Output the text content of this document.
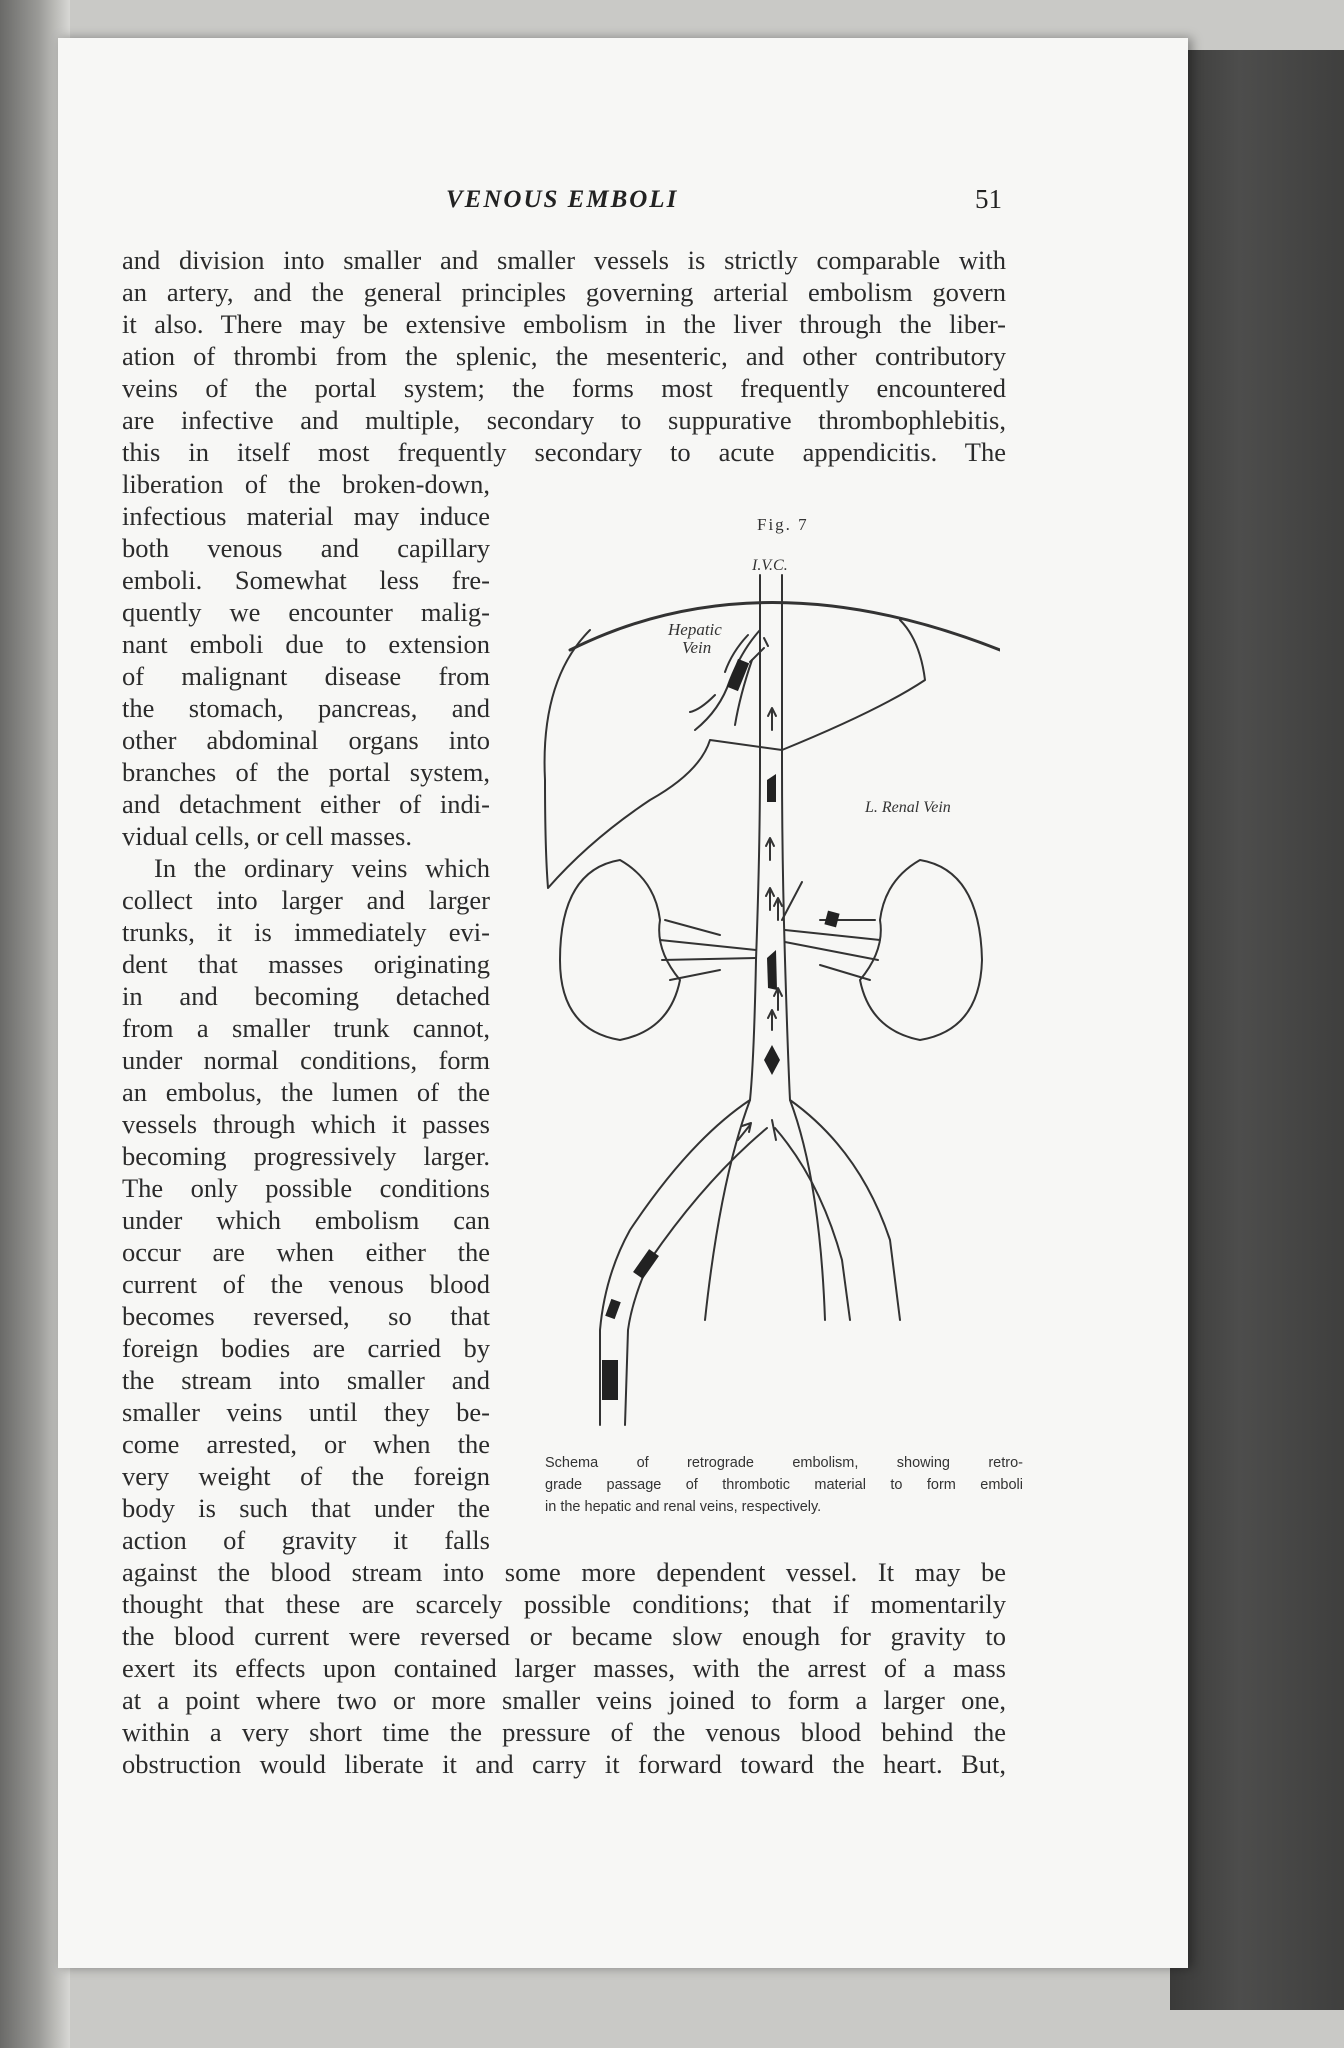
VENOUS EMBOLI	51
and division into smaller and smaller vessels is strictly comparable with
an artery, and the general principles governing arterial embolism govern
it also. There may be extensive embolism in the liver through the liber-
ation of thrombi from the splenic, the mesenteric, and other contributory
veins of the portal system; the forms most frequently encountered
are infective and multiple, secondary to suppurative thrombophlebitis,
this in itself most frequently secondary to acute appendicitis. The
liberation of the broken-down,
infectious material may induce
both venous and capillary
emboli. Somewhat less fre-
quently we encounter malig-
nant emboli due to extension
of malignant disease from
the stomach, pancreas, and
other abdominal organs into
branches of the portal system,
and detachment either of indi-
vidual cells, or cell masses.
In the ordinary veins which
collect into larger and larger
trunks, it is immediately evi-
dent that masses originating
in and becoming detached
from a smaller trunk cannot,
under normal conditions, form
an embolus, the lumen of the
vessels through which it passes
becoming progressively larger.
The only possible conditions
under which embolism can
occur are when either the
current of the venous blood
becomes reversed, so that
foreign bodies are carried by
the stream into smaller and
smaller veins until they be-
come arrested, or when the
very weight of the foreign
body is such that under the
action of gravity it falls
against the blood stream into some more dependent vessel. It may be
thought that these are scarcely possible conditions; that if momentarily
the blood current were reversed or became slow enough for gravity to
exert its effects upon contained larger masses, with the arrest of a mass
at a point where two or more smaller veins joined to form a larger one,
within a very short time the pressure of the venous blood behind the
obstruction would liberate it and carry it forward toward the heart. But,
Fig. 7
I.V.C.
Hepatic
Vein
L. Renal Vein
Schema of retrograde embolism, showing retro-
grade passage of thrombotic material to form emboli
in the hepatic and renal veins, respectively.
